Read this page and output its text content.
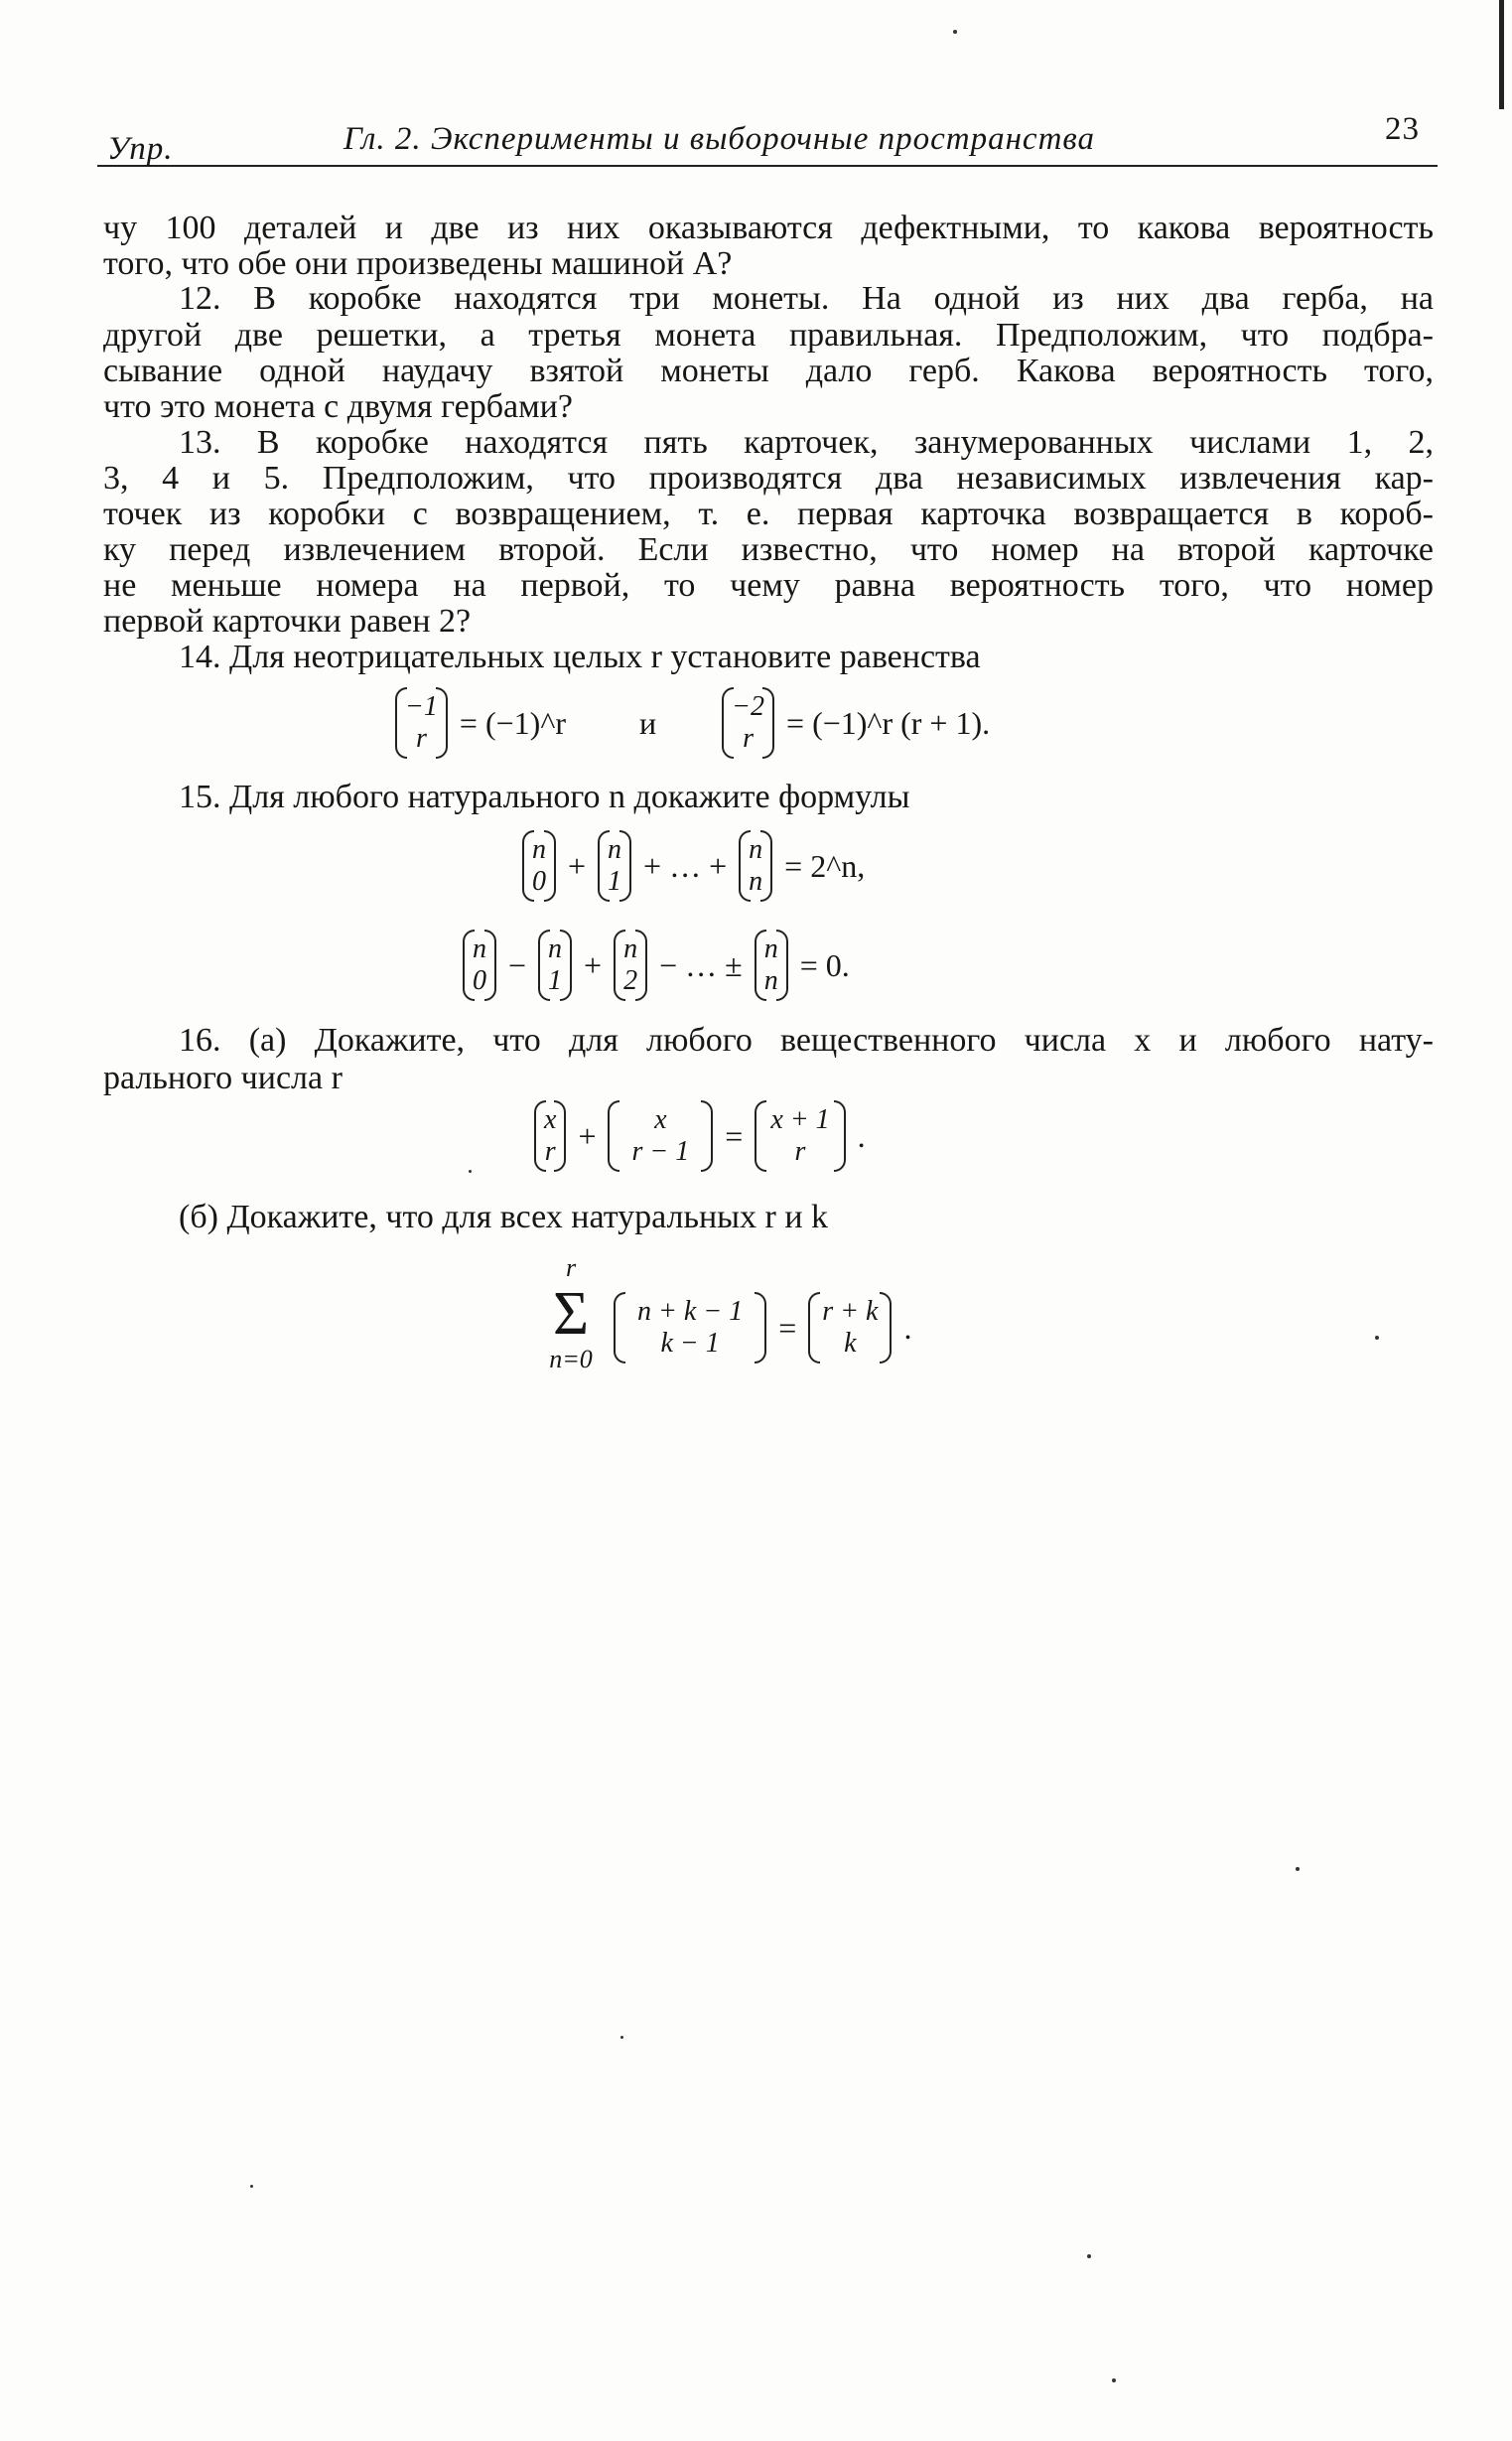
Упр.	Гл. 2. Эксперименты и выборочные пространства	23
чу 100 деталей и две из них оказываются дефектными, то какова вероятность
того, что обе они произведены машиной A?
12. В коробке находятся три монеты. На одной из них два герба, на
другой две решетки, а третья монета правильная. Предположим, что подбра-
сывание одной наудачу взятой монеты дало герб. Какова вероятность того,
что это монета с двумя гербами?
13. В коробке находятся пять карточек, занумерованных числами 1, 2,
3, 4 и 5. Предположим, что производятся два независимых извлечения кар-
точек из коробки с возвращением, т. е. первая карточка возвращается в короб-
ку перед извлечением второй. Если известно, что номер на второй карточке
не меньше номера на первой, то чему равна вероятность того, что номер
первой карточки равен 2?
14. Для неотрицательных целых r установите равенства
−1
r	= (−1)^r и	−2
r	= (−1)^r (r + 1).
15. Для любого натурального n докажите формулы
n
0 + n
1 + … + n
n = 2^n,
n
0 − n
1 + n
2 − … ± n
n = 0.
16. (а) Докажите, что для любого вещественного числа x и любого нату-
рального числа r
x
r +	x
r − 1 = x + 1
r	.
(б) Докажите, что для всех натуральных r и k
r
Σ
n=0
n + k − 1
k − 1	= r + k
k	.
